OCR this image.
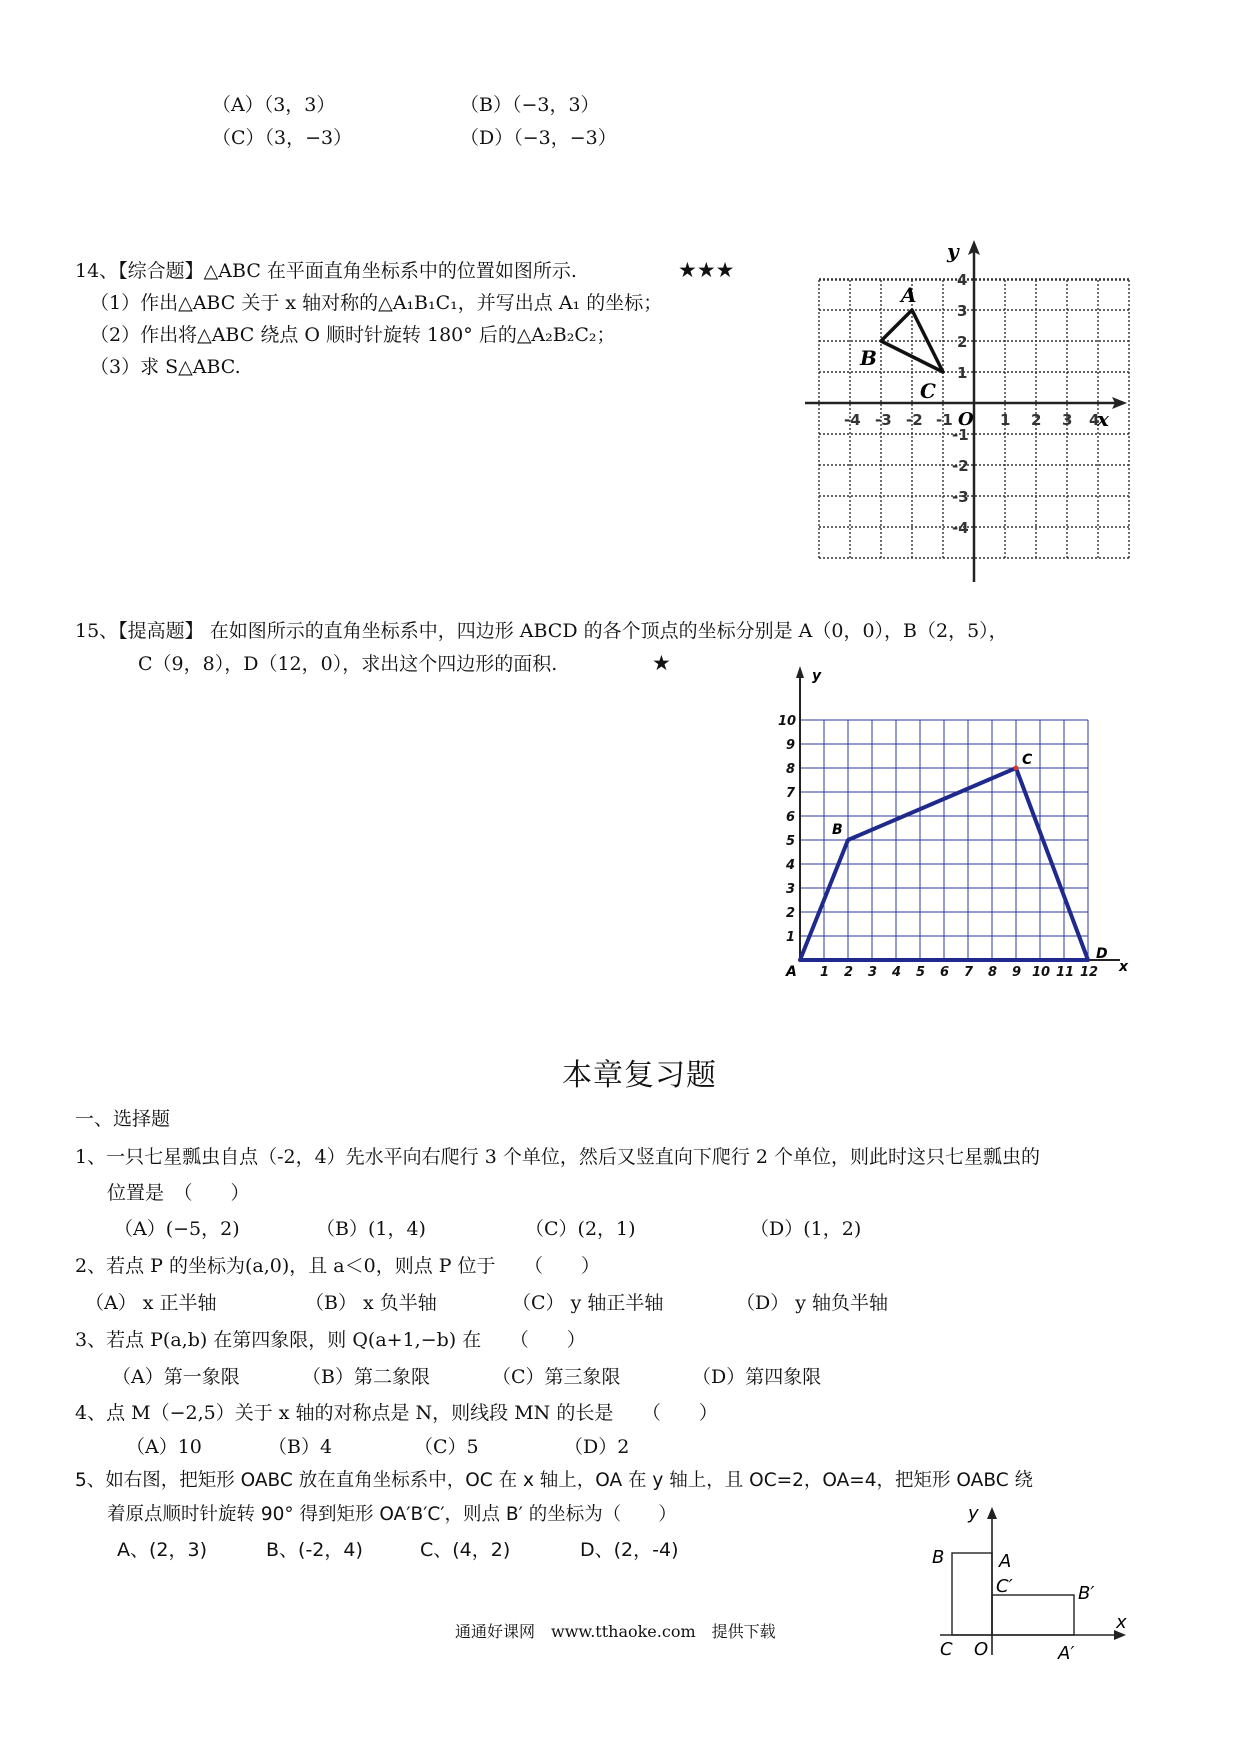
（A）（3，3）	（B）（−3，3）
（C）（3，−3）	（D）（−3，−3）
14、【综合题】△ABC 在平面直角坐标系中的位置如图所示.	★★★
（1）作出△ABC 关于 x 轴对称的△A₁B₁C₁，并写出点 A₁ 的坐标；
（2）作出将△ABC 绕点 O 顺时针旋转 180° 后的△A₂B₂C₂；
（3）求 S△ABC.
y
x
O
-4 -3 -2 -1	1 2 3 4
4
3
2
1
-1
-2
-3
-4
A
B
C
15、【提高题】 在如图所示的直角坐标系中，四边形 ABCD 的各个顶点的坐标分别是 A（0，0），B（2，5），
C（9，8），D（12，0），求出这个四边形的面积.	★
y
x
1 2 3 4 5 6 7 8 9 10 11 12
1
2
3
4
5
6
7
8
9
10
A
B
C
D
本章复习题
一、选择题
1、一只七星瓢虫自点（-2，4）先水平向右爬行 3 个单位，然后又竖直向下爬行 2 个单位，则此时这只七星瓢虫的
位置是　（　　）
（A）(−5，2)	（B）(1，4)	（C）(2，1)	（D）(1，2)
2、若点 P 的坐标为(a,0)，且 a＜0，则点 P 位于　　（　　）
（A） x 正半轴	（B） x 负半轴	（C） y 轴正半轴	（D） y 轴负半轴
3、若点 P(a,b) 在第四象限，则 Q(a+1,−b) 在　　（　　）
（A）第一象限	（B）第二象限	（C）第三象限	（D）第四象限
4、点 M（−2,5）关于 x 轴的对称点是 N，则线段 MN 的长是　　（　　）
（A）10	（B）4	（C）5	（D）2
5、如右图，把矩形 OABC 放在直角坐标系中，OC 在 x 轴上，OA 在 y 轴上，且 OC=2，OA=4，把矩形 OABC 绕
着原点顺时针旋转 90° 得到矩形 OA′B′C′，则点 B′ 的坐标为（　　）
A、(2，3)	B、(-2，4)	C、(4，2)	D、(2，-4)
y
x
B	A
C′	B′
C O	A′
通通好课网　www.tthaoke.com　提供下载
